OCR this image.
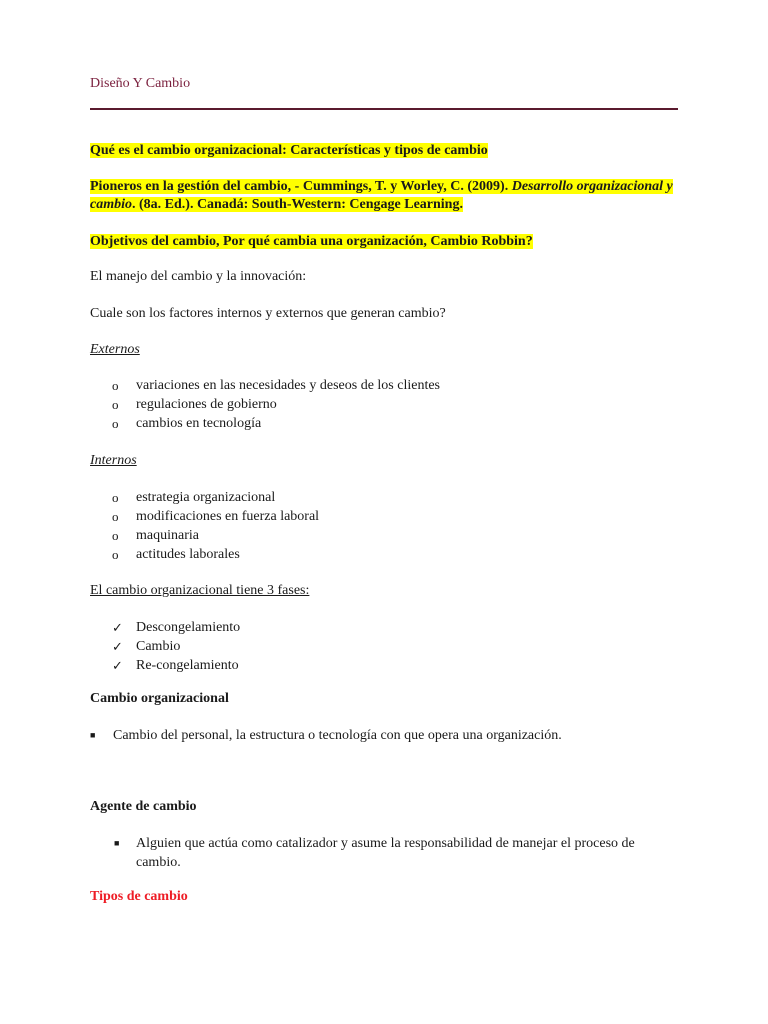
Diseño Y Cambio
Qué es el cambio organizacional: Características y tipos de cambio
Pioneros en la gestión del cambio, - Cummings, T. y Worley, C. (2009). Desarrollo organizacional y cambio. (8a. Ed.). Canadá: South-Western: Cengage Learning.
Objetivos del cambio, Por qué cambia una organización, Cambio Robbin?
El manejo del cambio y la innovación:
Cuale son los factores internos y externos que generan cambio?
Externos
o variaciones en las necesidades y deseos de los clientes
o regulaciones de gobierno
o cambios en tecnología
Internos
o estrategia organizacional
o modificaciones en fuerza laboral
o maquinaria
o actitudes laborales
El cambio organizacional tiene 3 fases:
✓ Descongelamiento
✓ Cambio
✓ Re-congelamiento
Cambio organizacional
■ Cambio del personal, la estructura o tecnología con que opera una organización.
Agente de cambio
■ Alguien que actúa como catalizador y asume la responsabilidad de manejar el proceso de cambio.
Tipos de cambio
